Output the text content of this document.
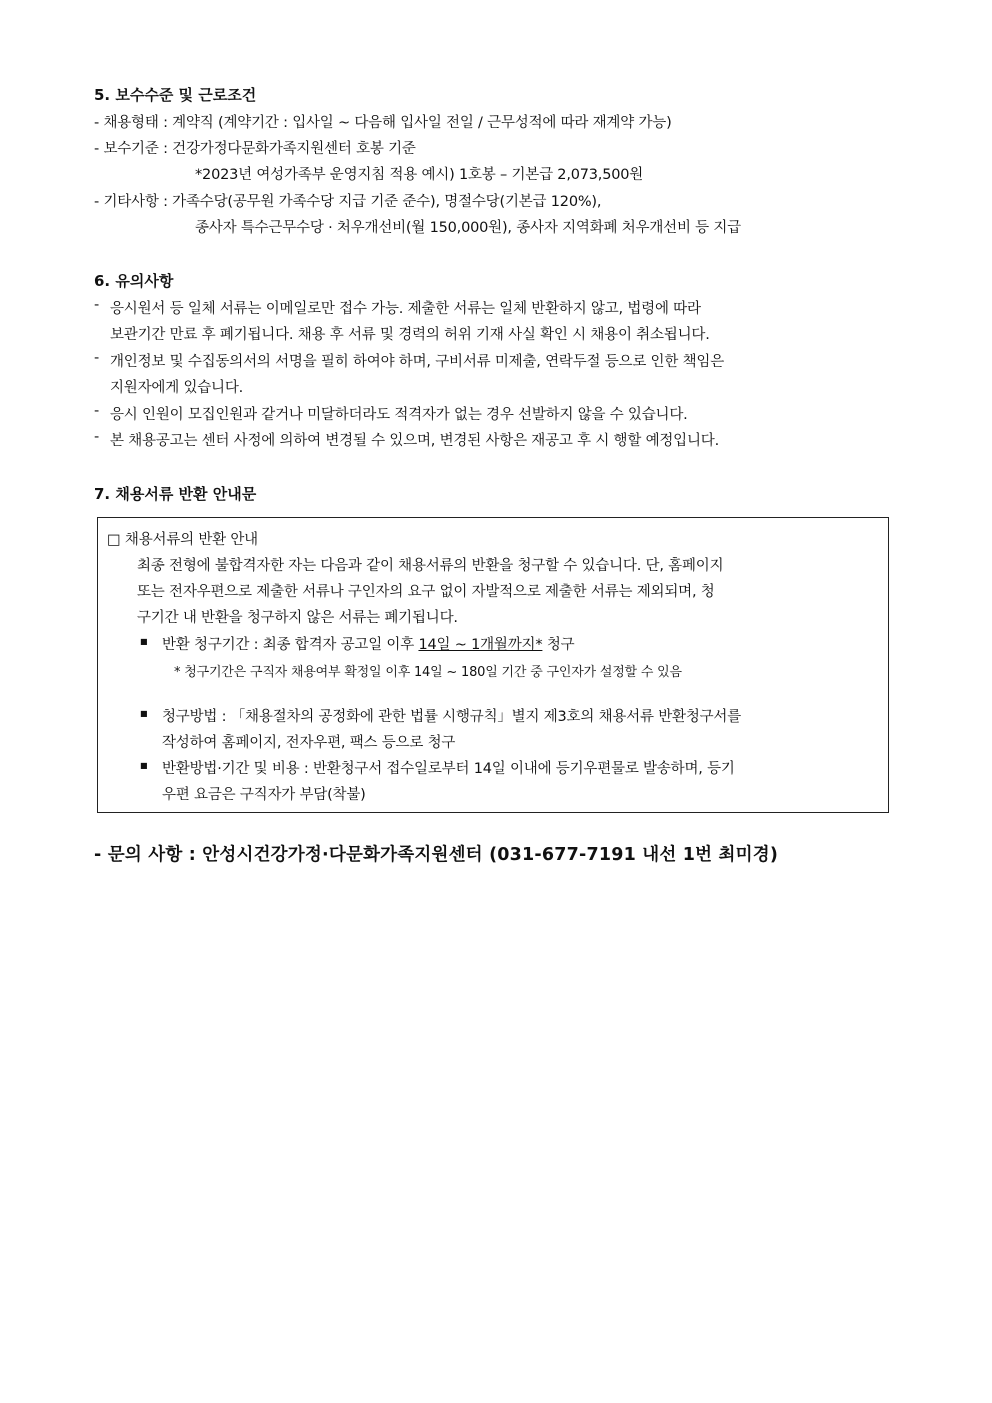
5. 보수수준 및 근로조건
- 채용형태 : 계약직 (계약기간 : 입사일 ~ 다음해 입사일 전일 / 근무성적에 따라 재계약 가능)
- 보수기준 : 건강가정다문화가족지원센터 호봉 기준
*2023년 여성가족부 운영지침 적용 예시) 1호봉 – 기본급 2,073,500원
- 기타사항 : 가족수당(공무원 가족수당 지급 기준 준수), 명절수당(기본급 120%),
종사자 특수근무수당 · 처우개선비(월 150,000원), 종사자 지역화폐 처우개선비 등 지급
6. 유의사항
- 응시원서 등 일체 서류는 이메일로만 접수 가능. 제출한 서류는 일체 반환하지 않고, 법령에 따라
보관기간 만료 후 폐기됩니다. 채용 후 서류 및 경력의 허위 기재 사실 확인 시 채용이 취소됩니다.
- 개인정보 및 수집동의서의 서명을 필히 하여야 하며, 구비서류 미제출, 연락두절 등으로 인한 책임은
지원자에게 있습니다.
- 응시 인원이 모집인원과 같거나 미달하더라도 적격자가 없는 경우 선발하지 않을 수 있습니다.
- 본 채용공고는 센터 사정에 의하여 변경될 수 있으며, 변경된 사항은 재공고 후 시 행할 예정입니다.
7. 채용서류 반환 안내문
□ 채용서류의 반환 안내
최종 전형에 불합격자한 자는 다음과 같이 채용서류의 반환을 청구할 수 있습니다. 단, 홈페이지
또는 전자우편으로 제출한 서류나 구인자의 요구 없이 자발적으로 제출한 서류는 제외되며, 청
구기간 내 반환을 청구하지 않은 서류는 폐기됩니다.
■ 반환 청구기간 : 최종 합격자 공고일 이후 14일 ~ 1개월까지* 청구
* 청구기간은 구직자 채용여부 확정일 이후 14일 ~ 180일 기간 중 구인자가 설정할 수 있음
■ 청구방법 : 「채용절차의 공정화에 관한 법률 시행규칙」별지 제3호의 채용서류 반환청구서를
작성하여 홈페이지, 전자우편, 팩스 등으로 청구
■ 반환방법·기간 및 비용 : 반환청구서 접수일로부터 14일 이내에 등기우편물로 발송하며, 등기
우편 요금은 구직자가 부담(착불)
- 문의 사항 : 안성시건강가정·다문화가족지원센터 (031-677-7191 내선 1번 최미경)
